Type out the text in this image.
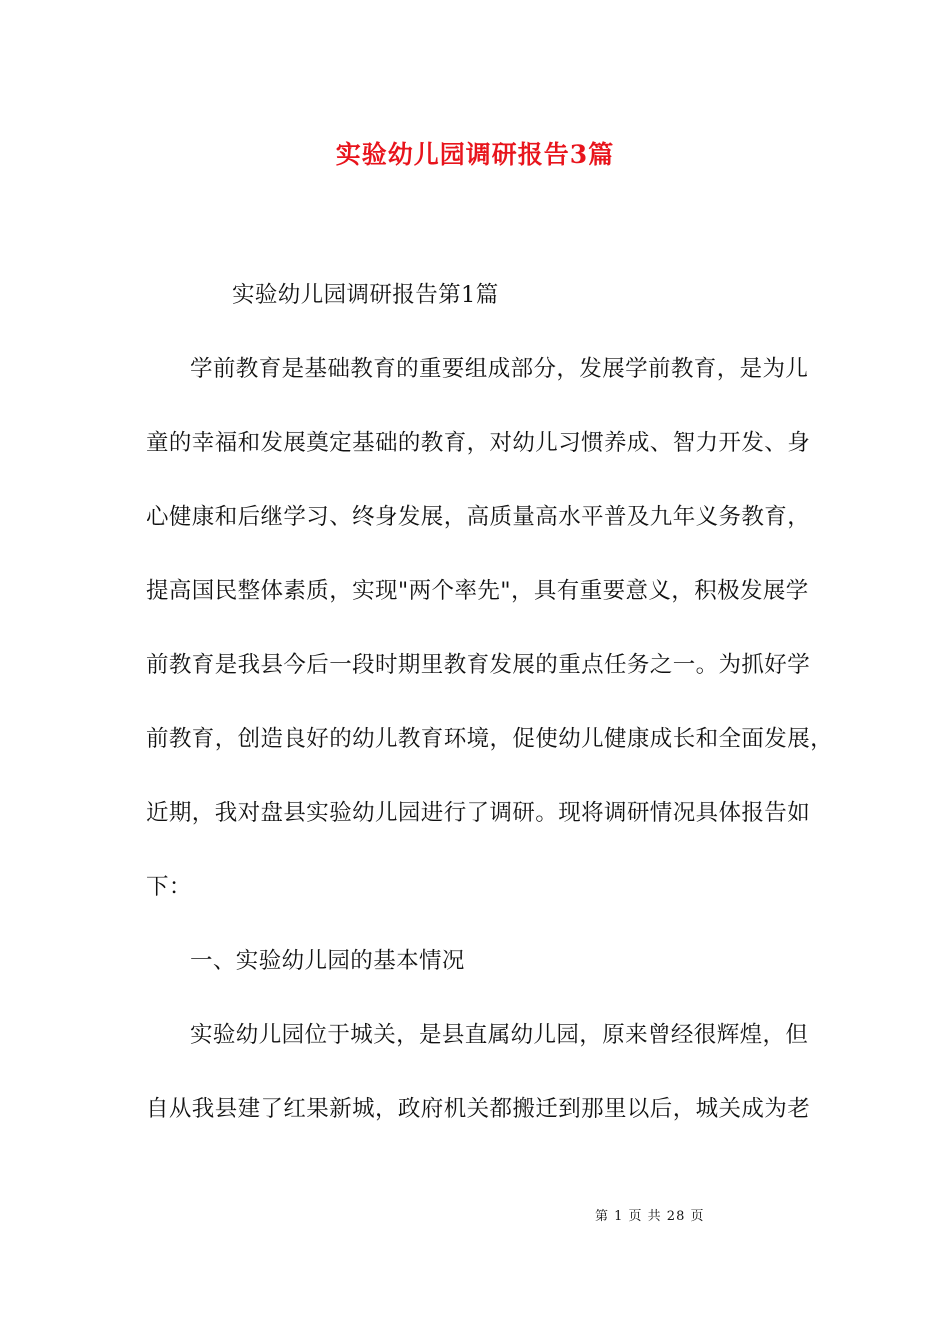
实验幼儿园调研报告3篇
实验幼儿园调研报告第1篇
学前教育是基础教育的重要组成部分，发展学前教育，是为儿
童的幸福和发展奠定基础的教育，对幼儿习惯养成、智力开发、身
心健康和后继学习、终身发展，高质量高水平普及九年义务教育，
提高国民整体素质，实现"两个率先"，具有重要意义，积极发展学
前教育是我县今后一段时期里教育发展的重点任务之一。为抓好学
前教育，创造良好的幼儿教育环境，促使幼儿健康成长和全面发展，
近期，我对盘县实验幼儿园进行了调研。现将调研情况具体报告如
下：
一、实验幼儿园的基本情况
实验幼儿园位于城关，是县直属幼儿园，原来曾经很辉煌，但
自从我县建了红果新城，政府机关都搬迁到那里以后，城关成为老
第 1 页 共 28 页
